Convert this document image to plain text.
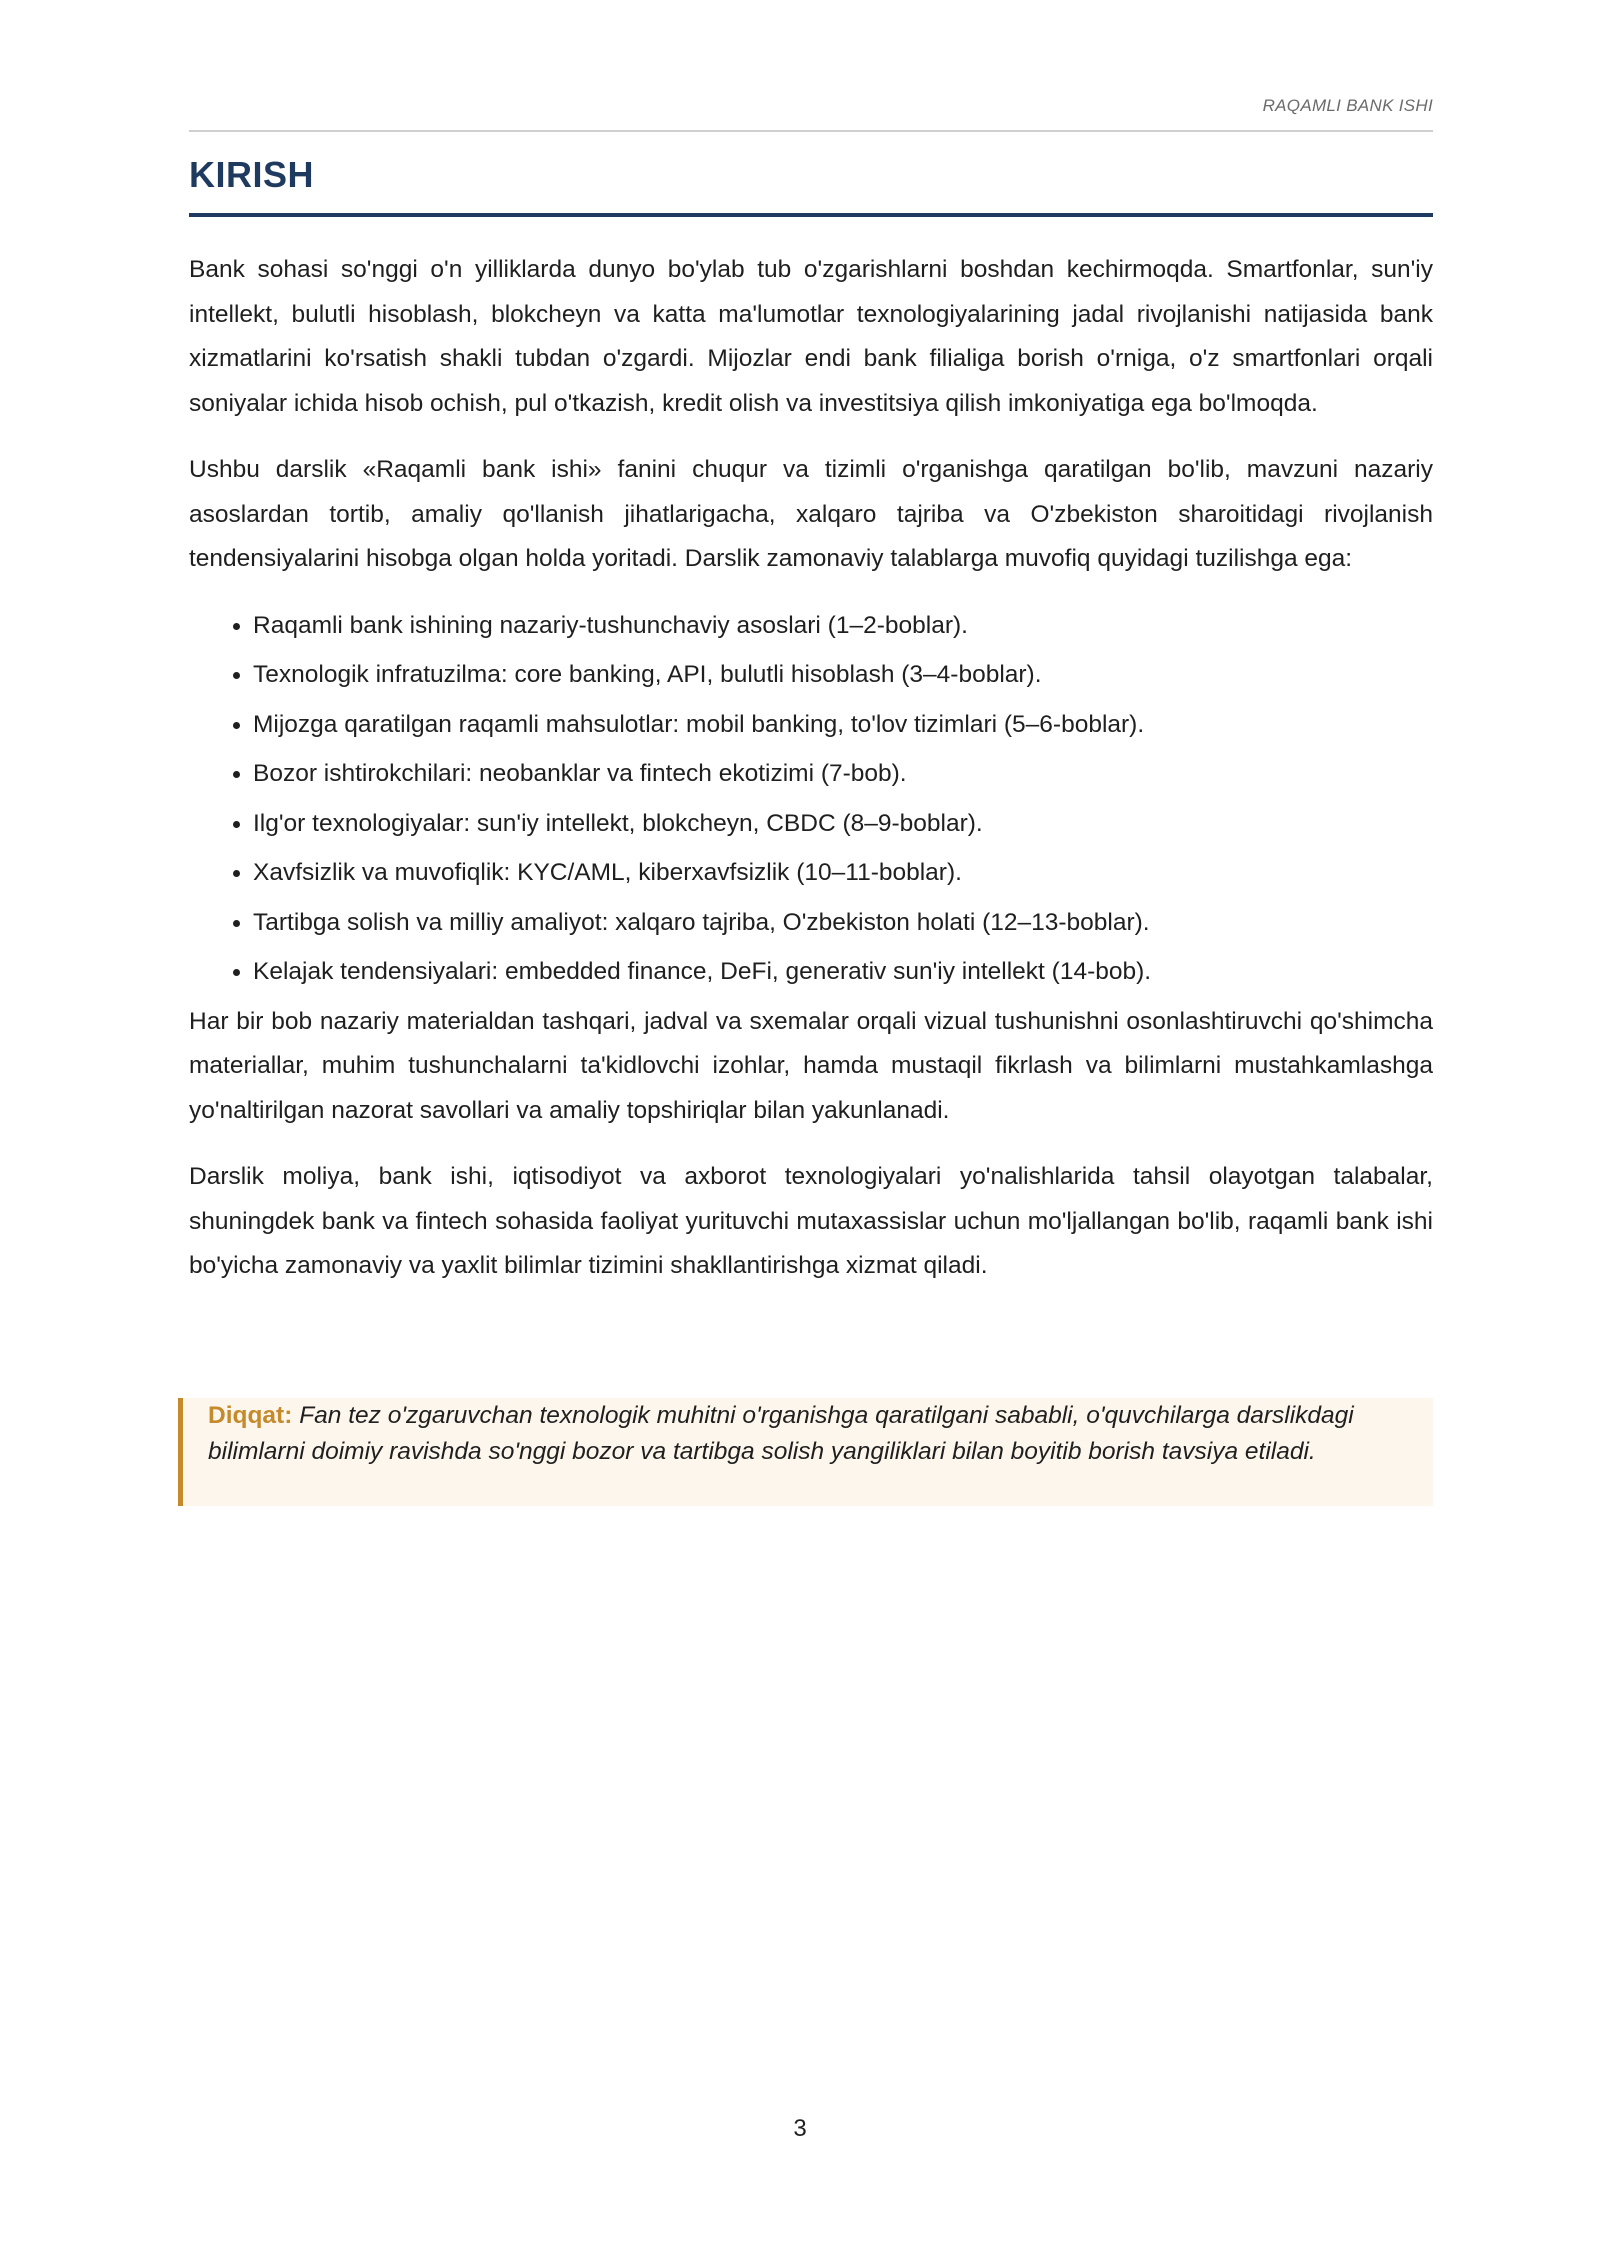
RAQAMLI BANK ISHI
KIRISH

Bank sohasi so'nggi o'n yilliklarda dunyo bo'ylab tub o'zgarishlarni boshdan kechirmoqda. Smartfonlar, sun'iy intellekt, bulutli hisoblash, blokcheyn va katta ma'lumotlar texnologiyalarining jadal rivojlanishi natijasida bank xizmatlarini ko'rsatish shakli tubdan o'zgardi. Mijozlar endi bank filialiga borish o'rniga, o'z smartfonlari orqali soniyalar ichida hisob ochish, pul o'tkazish, kredit olish va investitsiya qilish imkoniyatiga ega bo'lmoqda.

Ushbu darslik «Raqamli bank ishi» fanini chuqur va tizimli o'rganishga qaratilgan bo'lib, mavzuni nazariy asoslardan tortib, amaliy qo'llanish jihatlarigacha, xalqaro tajriba va O'zbekiston sharoitidagi rivojlanish tendensiyalarini hisobga olgan holda yoritadi. Darslik zamonaviy talablarga muvofiq quyidagi tuzilishga ega:

• Raqamli bank ishining nazariy-tushunchaviy asoslari (1–2-boblar).
• Texnologik infratuzilma: core banking, API, bulutli hisoblash (3–4-boblar).
• Mijozga qaratilgan raqamli mahsulotlar: mobil banking, to'lov tizimlari (5–6-boblar).
• Bozor ishtirokchilari: neobanklar va fintech ekotizimi (7-bob).
• Ilg'or texnologiyalar: sun'iy intellekt, blokcheyn, CBDC (8–9-boblar).
• Xavfsizlik va muvofiqlik: KYC/AML, kiberxavfsizlik (10–11-boblar).
• Tartibga solish va milliy amaliyot: xalqaro tajriba, O'zbekiston holati (12–13-boblar).
• Kelajak tendensiyalari: embedded finance, DeFi, generativ sun'iy intellekt (14-bob).

Har bir bob nazariy materialdan tashqari, jadval va sxemalar orqali vizual tushunishni osonlashtiruvchi qo'shimcha materiallar, muhim tushunchalarni ta'kidlovchi izohlar, hamda mustaqil fikrlash va bilimlarni mustahkamlashga yo'naltirilgan nazorat savollari va amaliy topshiriqlar bilan yakunlanadi.

Darslik moliya, bank ishi, iqtisodiyot va axborot texnologiyalari yo'nalishlarida tahsil olayotgan talabalar, shuningdek bank va fintech sohasida faoliyat yurituvchi mutaxassislar uchun mo'ljallangan bo'lib, raqamli bank ishi bo'yicha zamonaviy va yaxlit bilimlar tizimini shakllantirishga xizmat qiladi.

Diqqat: Fan tez o'zgaruvchan texnologik muhitni o'rganishga qaratilgani sababli, o'quvchilarga darslikdagi bilimlarni doimiy ravishda so'nggi bozor va tartibga solish yangiliklari bilan boyitib borish tavsiya etiladi.
3
